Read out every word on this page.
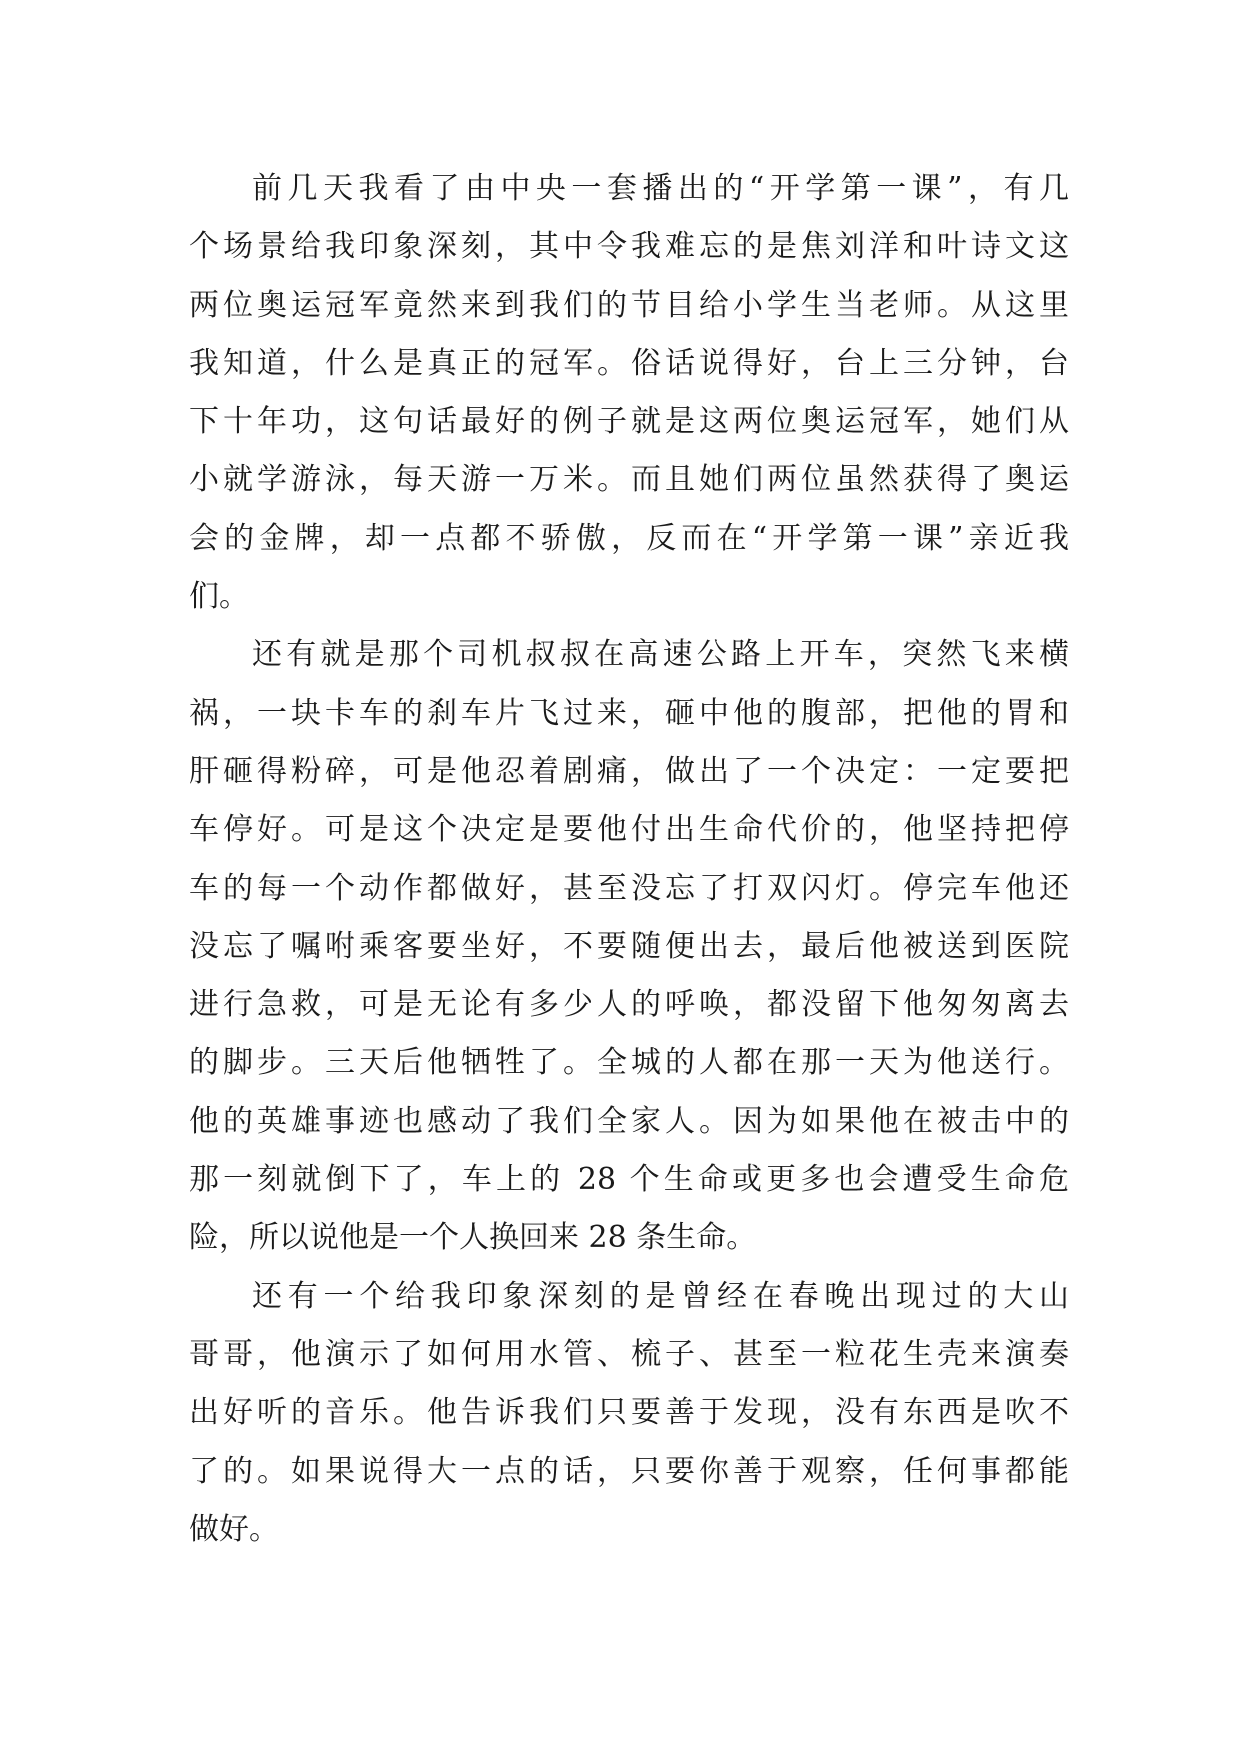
前几天我看了由中央一套播出的“开学第一课”，有几
个场景给我印象深刻，其中令我难忘的是焦刘洋和叶诗文这
两位奥运冠军竟然来到我们的节目给小学生当老师。从这里
我知道，什么是真正的冠军。俗话说得好，台上三分钟，台
下十年功，这句话最好的例子就是这两位奥运冠军，她们从
小就学游泳，每天游一万米。而且她们两位虽然获得了奥运
会的金牌，却一点都不骄傲，反而在“开学第一课”亲近我
们。
还有就是那个司机叔叔在高速公路上开车，突然飞来横
祸，一块卡车的刹车片飞过来，砸中他的腹部，把他的胃和
肝砸得粉碎，可是他忍着剧痛，做出了一个决定：一定要把
车停好。可是这个决定是要他付出生命代价的，他坚持把停
车的每一个动作都做好，甚至没忘了打双闪灯。停完车他还
没忘了嘱咐乘客要坐好，不要随便出去，最后他被送到医院
进行急救，可是无论有多少人的呼唤，都没留下他匆匆离去
的脚步。三天后他牺牲了。全城的人都在那一天为他送行。
他的英雄事迹也感动了我们全家人。因为如果他在被击中的
那一刻就倒下了，车上的 28 个生命或更多也会遭受生命危
险，所以说他是一个人换回来 28 条生命。
还有一个给我印象深刻的是曾经在春晚出现过的大山
哥哥，他演示了如何用水管、梳子、甚至一粒花生壳来演奏
出好听的音乐。他告诉我们只要善于发现，没有东西是吹不
了的。如果说得大一点的话，只要你善于观察，任何事都能
做好。
